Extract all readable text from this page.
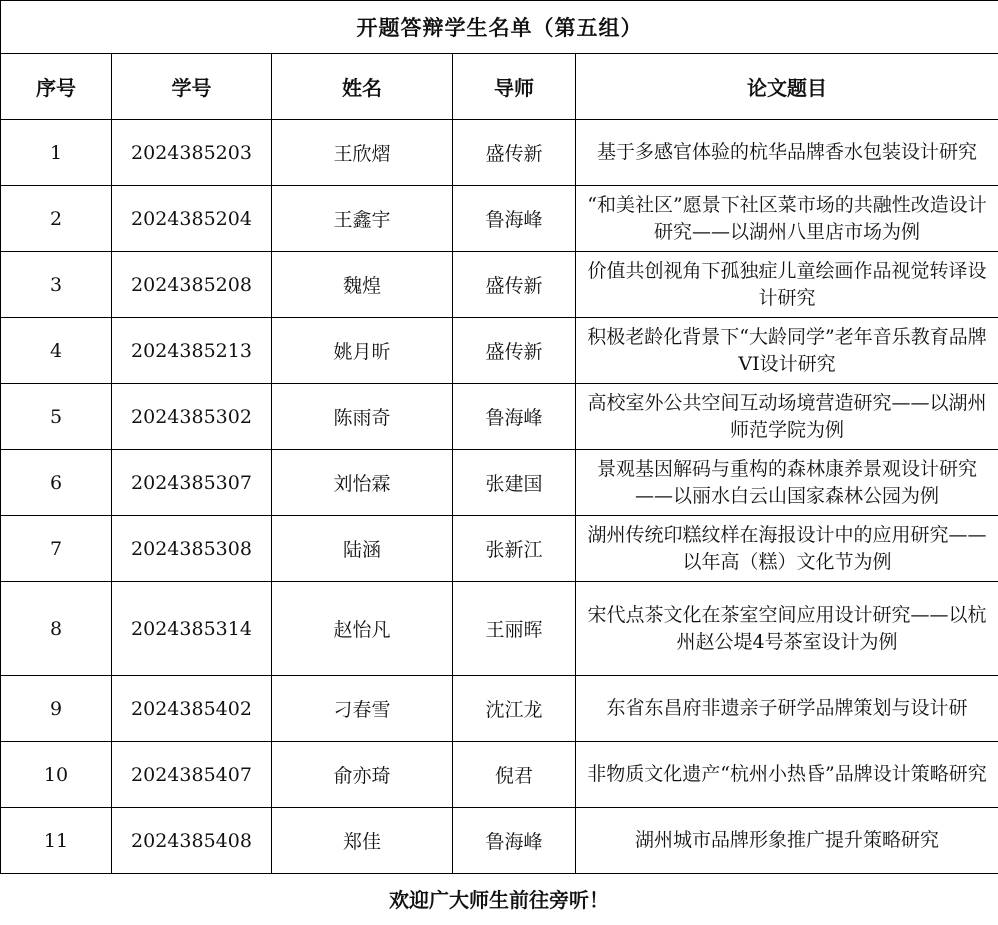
开题答辩学生名单（第五组）				
序号	学号	姓名	导师	论文题目
1	2024385203	王欣熠	盛传新	基于多感官体验的杭华品牌香水包装设计研究
2	2024385204	王鑫宇	鲁海峰	“和美社区”愿景下社区菜市场的共融性改造设计研究——以湖州八里店市场为例
3	2024385208	魏煌	盛传新	价值共创视角下孤独症儿童绘画作品视觉转译设计研究
4	2024385213	姚月昕	盛传新	积极老龄化背景下“大龄同学”老年音乐教育品牌VI设计研究
5	2024385302	陈雨奇	鲁海峰	高校室外公共空间互动场境营造研究——以湖州师范学院为例
6	2024385307	刘怡霖	张建国	景观基因解码与重构的森林康养景观设计研究——以丽水白云山国家森林公园为例
7	2024385308	陆涵	张新江	湖州传统印糕纹样在海报设计中的应用研究——以年高（糕）文化节为例
8	2024385314	赵怡凡	王丽晖	宋代点茶文化在茶室空间应用设计研究——以杭州赵公堤4号茶室设计为例
9	2024385402	刁春雪	沈江龙	东省东昌府非遗亲子研学品牌策划与设计研
10	2024385407	俞亦琦	倪君	非物质文化遗产“杭州小热昏”品牌设计策略研究
11	2024385408	郑佳	鲁海峰	湖州城市品牌形象推广提升策略研究
欢迎广大师生前往旁听！
